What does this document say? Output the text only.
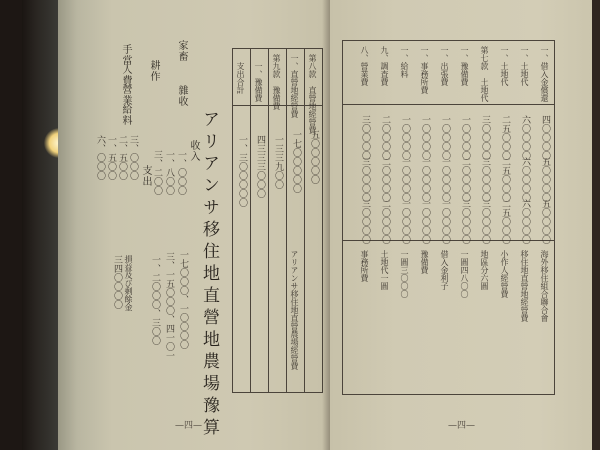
家畜
耕作
雜收
手當
人費
營業
給料
收入
一、〇〇〇
一、八〇〇
三、二〇〇
支出
三、〇〇〇
二、五〇〇
一、五〇〇
六、〇〇〇
一七〇〇〇、一〇〇〇〇
三、一五〇〇〇、四一〇一
一、二〇〇〇、三〇〇
損益及び剩餘金
三四〇〇〇〇	アリアンサ移住地直營地農場豫算
第八款　直營地經營費
一、直營地經營費
第九款　豫備費
一、豫備費
支出合計
五〇〇〇〇〇
一七〇〇〇〇〇
一三三九〇〇
四三三三〇〇〇
一、三〇〇〇〇〇
アリアンサ移住地直營農場經營費
—四—
一、借入金償還
四〇〇〇〇
五〇〇〇〇
五〇〇〇〇
一、土地代
六〇〇〇〇
六〇〇〇〇
六〇〇〇〇
一、土地代
二五〇〇〇
二五〇〇〇
二五〇〇〇
第七款　土地代
三〇〇〇〇
三〇〇〇〇
三〇〇〇〇
一、豫備費
一〇〇〇〇
二〇〇〇〇
三〇〇〇〇
一、出張費
一〇〇〇〇
一〇〇〇〇
一〇〇〇〇
一、事務所費
一〇〇〇〇
一〇〇〇〇
一〇〇〇〇
一、給料
一〇〇〇〇
一〇〇〇〇
一〇〇〇〇
九、調査費
二〇〇〇〇
二〇〇〇〇
二〇〇〇〇
八、營業費
三〇〇〇〇
三〇〇〇〇
三〇〇〇〇
海外移住組合聯合會
移住地直營地經營費
小作人經營費
地區分六圓
一圓四八〇〇
借入金利子
豫備費
一圓三〇〇〇
土地代一圓
事務所費
—四—
